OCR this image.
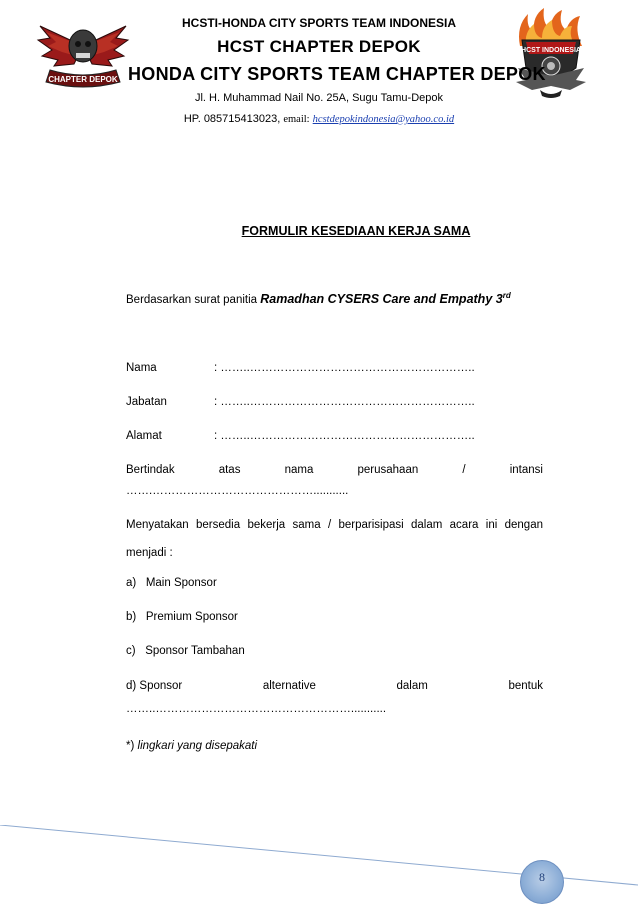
CHAPTER DEPOK
HCST INDONESIA
HCSTI-HONDA CITY SPORTS TEAM INDONESIA
HCST CHAPTER DEPOK
HONDA CITY SPORTS TEAM CHAPTER DEPOK
Jl. H. Muhammad Nail No. 25A, Sugu Tamu-Depok
HP. 085715413023, email: hcstdepokindonesia@yahoo.co.id
FORMULIR KESEDIAAN KERJA SAMA
Berdasarkan surat panitia Ramadhan CYSERS Care and Empathy 3rd
Nama	: ……..…………………………………………………..
Jabatan	: ……..…………………………………………………..
Alamat	: ……..…………………………………………………..
Bertindak	atas	nama	perusahaan	/	intansi
…….……………………………………...........
Menyatakan bersedia bekerja sama / berparisipasi dalam acara ini dengan
menjadi :
a) Main Sponsor
b) Premium Sponsor
c) Sponsor Tambahan
d) Sponsor	alternative	dalam	bentuk
……..……………………………………………...........
*) lingkari yang disepakati
8
